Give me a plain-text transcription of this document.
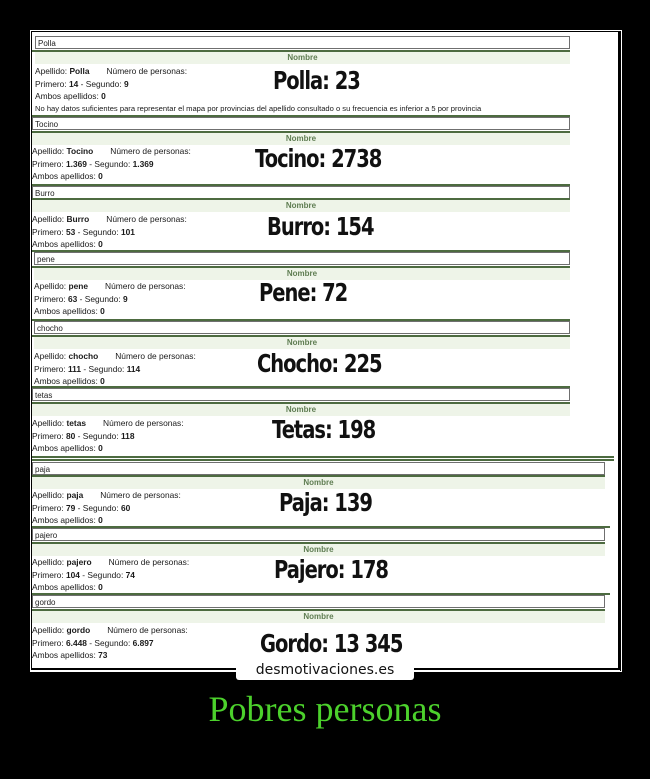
Polla
Nombre
Apellido: Polla Número de personas:
Primero: 14 - Segundo: 9
Ambos apellidos: 0
Polla: 23
No hay datos suficientes para representar el mapa por provincias del apellido consultado o su frecuencia es inferior a 5 por provincia
Tocino
Nombre
Apellido: Tocino Número de personas:
Primero: 1.369 - Segundo: 1.369
Ambos apellidos: 0
Tocino: 2738
Burro
Nombre
Apellido: Burro Número de personas:
Primero: 53 - Segundo: 101
Ambos apellidos: 0
Burro: 154
pene
Nombre
Apellido: pene Número de personas:
Primero: 63 - Segundo: 9
Ambos apellidos: 0
Pene: 72
chocho
Nombre
Apellido: chocho Número de personas:
Primero: 111 - Segundo: 114
Ambos apellidos: 0
Chocho: 225
tetas
Nombre
Apellido: tetas Número de personas:
Primero: 80 - Segundo: 118
Ambos apellidos: 0
Tetas: 198
paja
Nombre
Apellido: paja Número de personas:
Primero: 79 - Segundo: 60
Ambos apellidos: 0
Paja: 139
pajero
Nombre
Apellido: pajero Número de personas:
Primero: 104 - Segundo: 74
Ambos apellidos: 0
Pajero: 178
gordo
Nombre
Apellido: gordo Número de personas:
Primero: 6.448 - Segundo: 6.897
Ambos apellidos: 73	Gordo: 13 345
desmotivaciones.es
Pobres personas
